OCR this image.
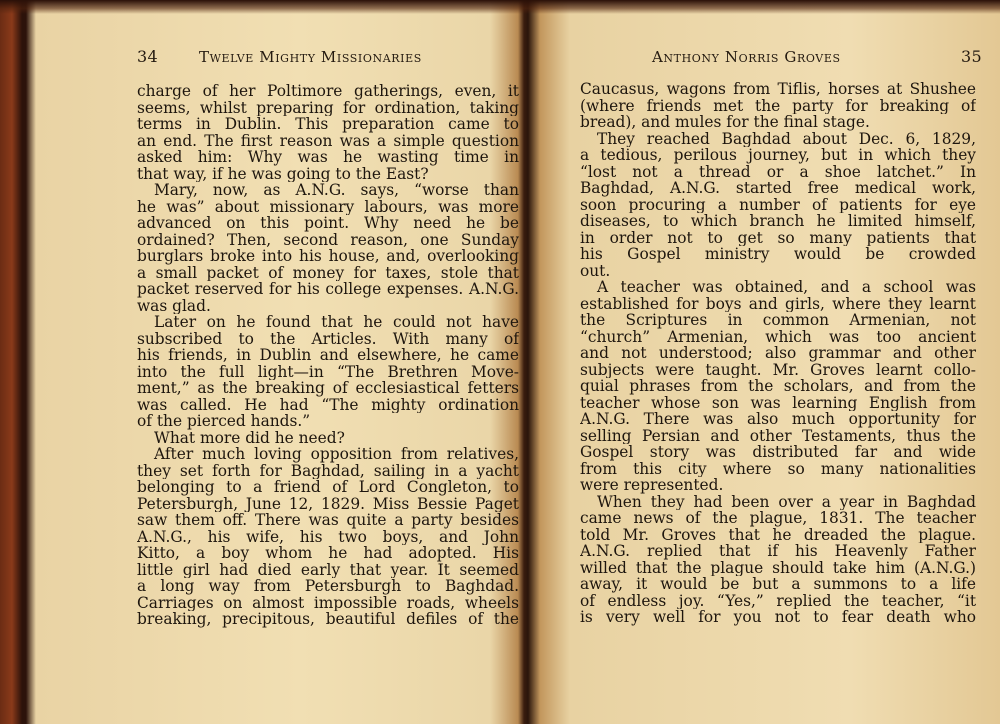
34	Twelve Mighty Missionaries
charge of her Poltimore gatherings, even, it
seems, whilst preparing for ordination, taking
terms in Dublin. This preparation came to
an end. The first reason was a simple question
asked him: Why was he wasting time in
that way, if he was going to the East?
Mary, now, as A.N.G. says, “worse than
he was” about missionary labours, was more
advanced on this point. Why need he be
ordained? Then, second reason, one Sunday
burglars broke into his house, and, overlooking
a small packet of money for taxes, stole that
packet reserved for his college expenses. A.N.G.
was glad.
Later on he found that he could not have
subscribed to the Articles. With many of
his friends, in Dublin and elsewhere, he came
into the full light—in “The Brethren Move-
ment,” as the breaking of ecclesiastical fetters
was called. He had “The mighty ordination
of the pierced hands.”
What more did he need?
After much loving opposition from relatives,
they set forth for Baghdad, sailing in a yacht
belonging to a friend of Lord Congleton, to
Petersburgh, June 12, 1829. Miss Bessie Paget
saw them off. There was quite a party besides
A.N.G., his wife, his two boys, and John
Kitto, a boy whom he had adopted. His
little girl had died early that year. It seemed
a long way from Petersburgh to Baghdad.
Carriages on almost impossible roads, wheels
breaking, precipitous, beautiful defiles of the
Anthony Norris Groves	35
Caucasus, wagons from Tiflis, horses at Shushee
(where friends met the party for breaking of
bread), and mules for the final stage.
They reached Baghdad about Dec. 6, 1829,
a tedious, perilous journey, but in which they
“lost not a thread or a shoe latchet.” In
Baghdad, A.N.G. started free medical work,
soon procuring a number of patients for eye
diseases, to which branch he limited himself,
in order not to get so many patients that
his Gospel ministry would be crowded
out.
A teacher was obtained, and a school was
established for boys and girls, where they learnt
the Scriptures in common Armenian, not
“church” Armenian, which was too ancient
and not understood; also grammar and other
subjects were taught. Mr. Groves learnt collo-
quial phrases from the scholars, and from the
teacher whose son was learning English from
A.N.G. There was also much opportunity for
selling Persian and other Testaments, thus the
Gospel story was distributed far and wide
from this city where so many nationalities
were represented.
When they had been over a year in Baghdad
came news of the plague, 1831. The teacher
told Mr. Groves that he dreaded the plague.
A.N.G. replied that if his Heavenly Father
willed that the plague should take him (A.N.G.)
away, it would be but a summons to a life
of endless joy. “Yes,” replied the teacher, “it
is very well for you not to fear death who
